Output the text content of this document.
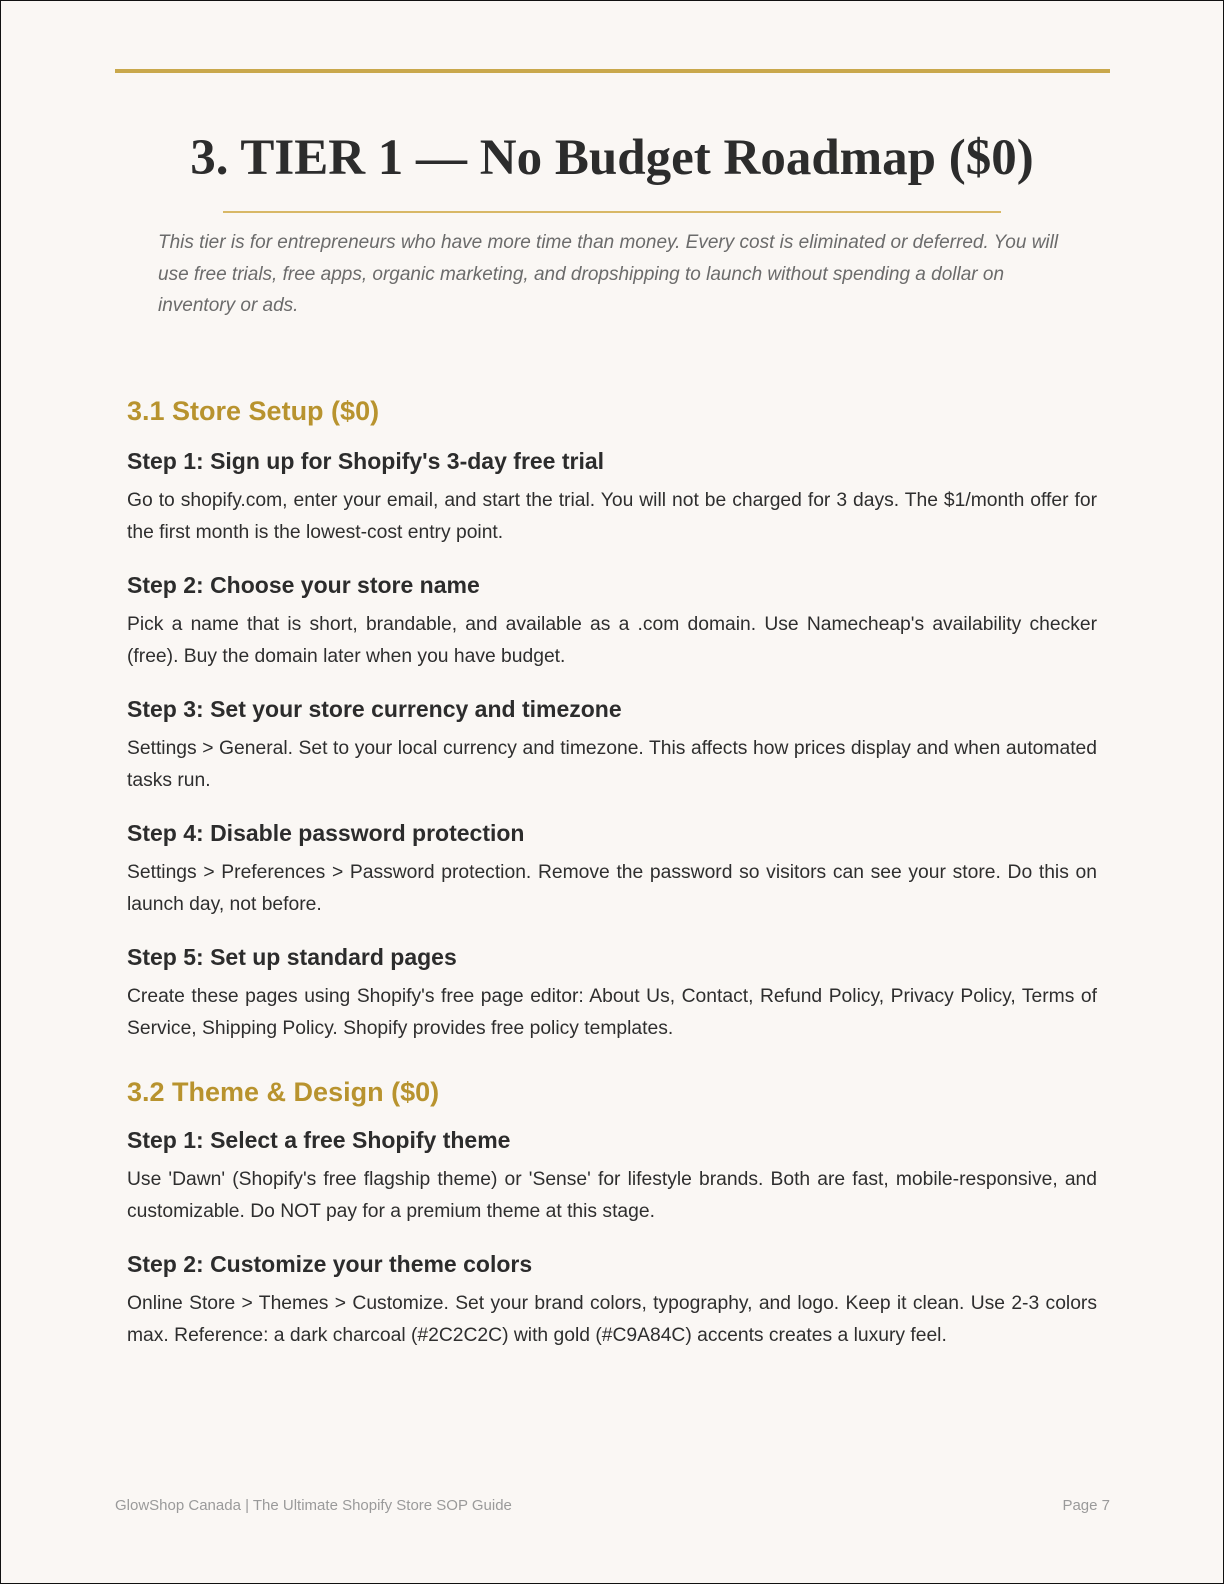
3. TIER 1 — No Budget Roadmap ($0)

This tier is for entrepreneurs who have more time than money. Every cost is eliminated or deferred. You will use free trials, free apps, organic marketing, and dropshipping to launch without spending a dollar on inventory or ads.

3.1 Store Setup ($0)
Step 1: Sign up for Shopify's 3-day free trial

Go to shopify.com, enter your email, and start the trial. You will not be charged for 3 days. The $1/month offer for the first month is the lowest-cost entry point.

Step 2: Choose your store name

Pick a name that is short, brandable, and available as a .com domain. Use Namecheap's availability checker (free). Buy the domain later when you have budget.

Step 3: Set your store currency and timezone

Settings > General. Set to your local currency and timezone. This affects how prices display and when automated tasks run.

Step 4: Disable password protection

Settings > Preferences > Password protection. Remove the password so visitors can see your store. Do this on launch day, not before.

Step 5: Set up standard pages

Create these pages using Shopify's free page editor: About Us, Contact, Refund Policy, Privacy Policy, Terms of Service, Shipping Policy. Shopify provides free policy templates.

3.2 Theme & Design ($0)
Step 1: Select a free Shopify theme

Use 'Dawn' (Shopify's free flagship theme) or 'Sense' for lifestyle brands. Both are fast, mobile-responsive, and customizable. Do NOT pay for a premium theme at this stage.

Step 2: Customize your theme colors

Online Store > Themes > Customize. Set your brand colors, typography, and logo. Keep it clean. Use 2-3 colors max. Reference: a dark charcoal (#2C2C2C) with gold (#C9A84C) accents creates a luxury feel.

GlowShop Canada | The Ultimate Shopify Store SOP Guide	Page 7
